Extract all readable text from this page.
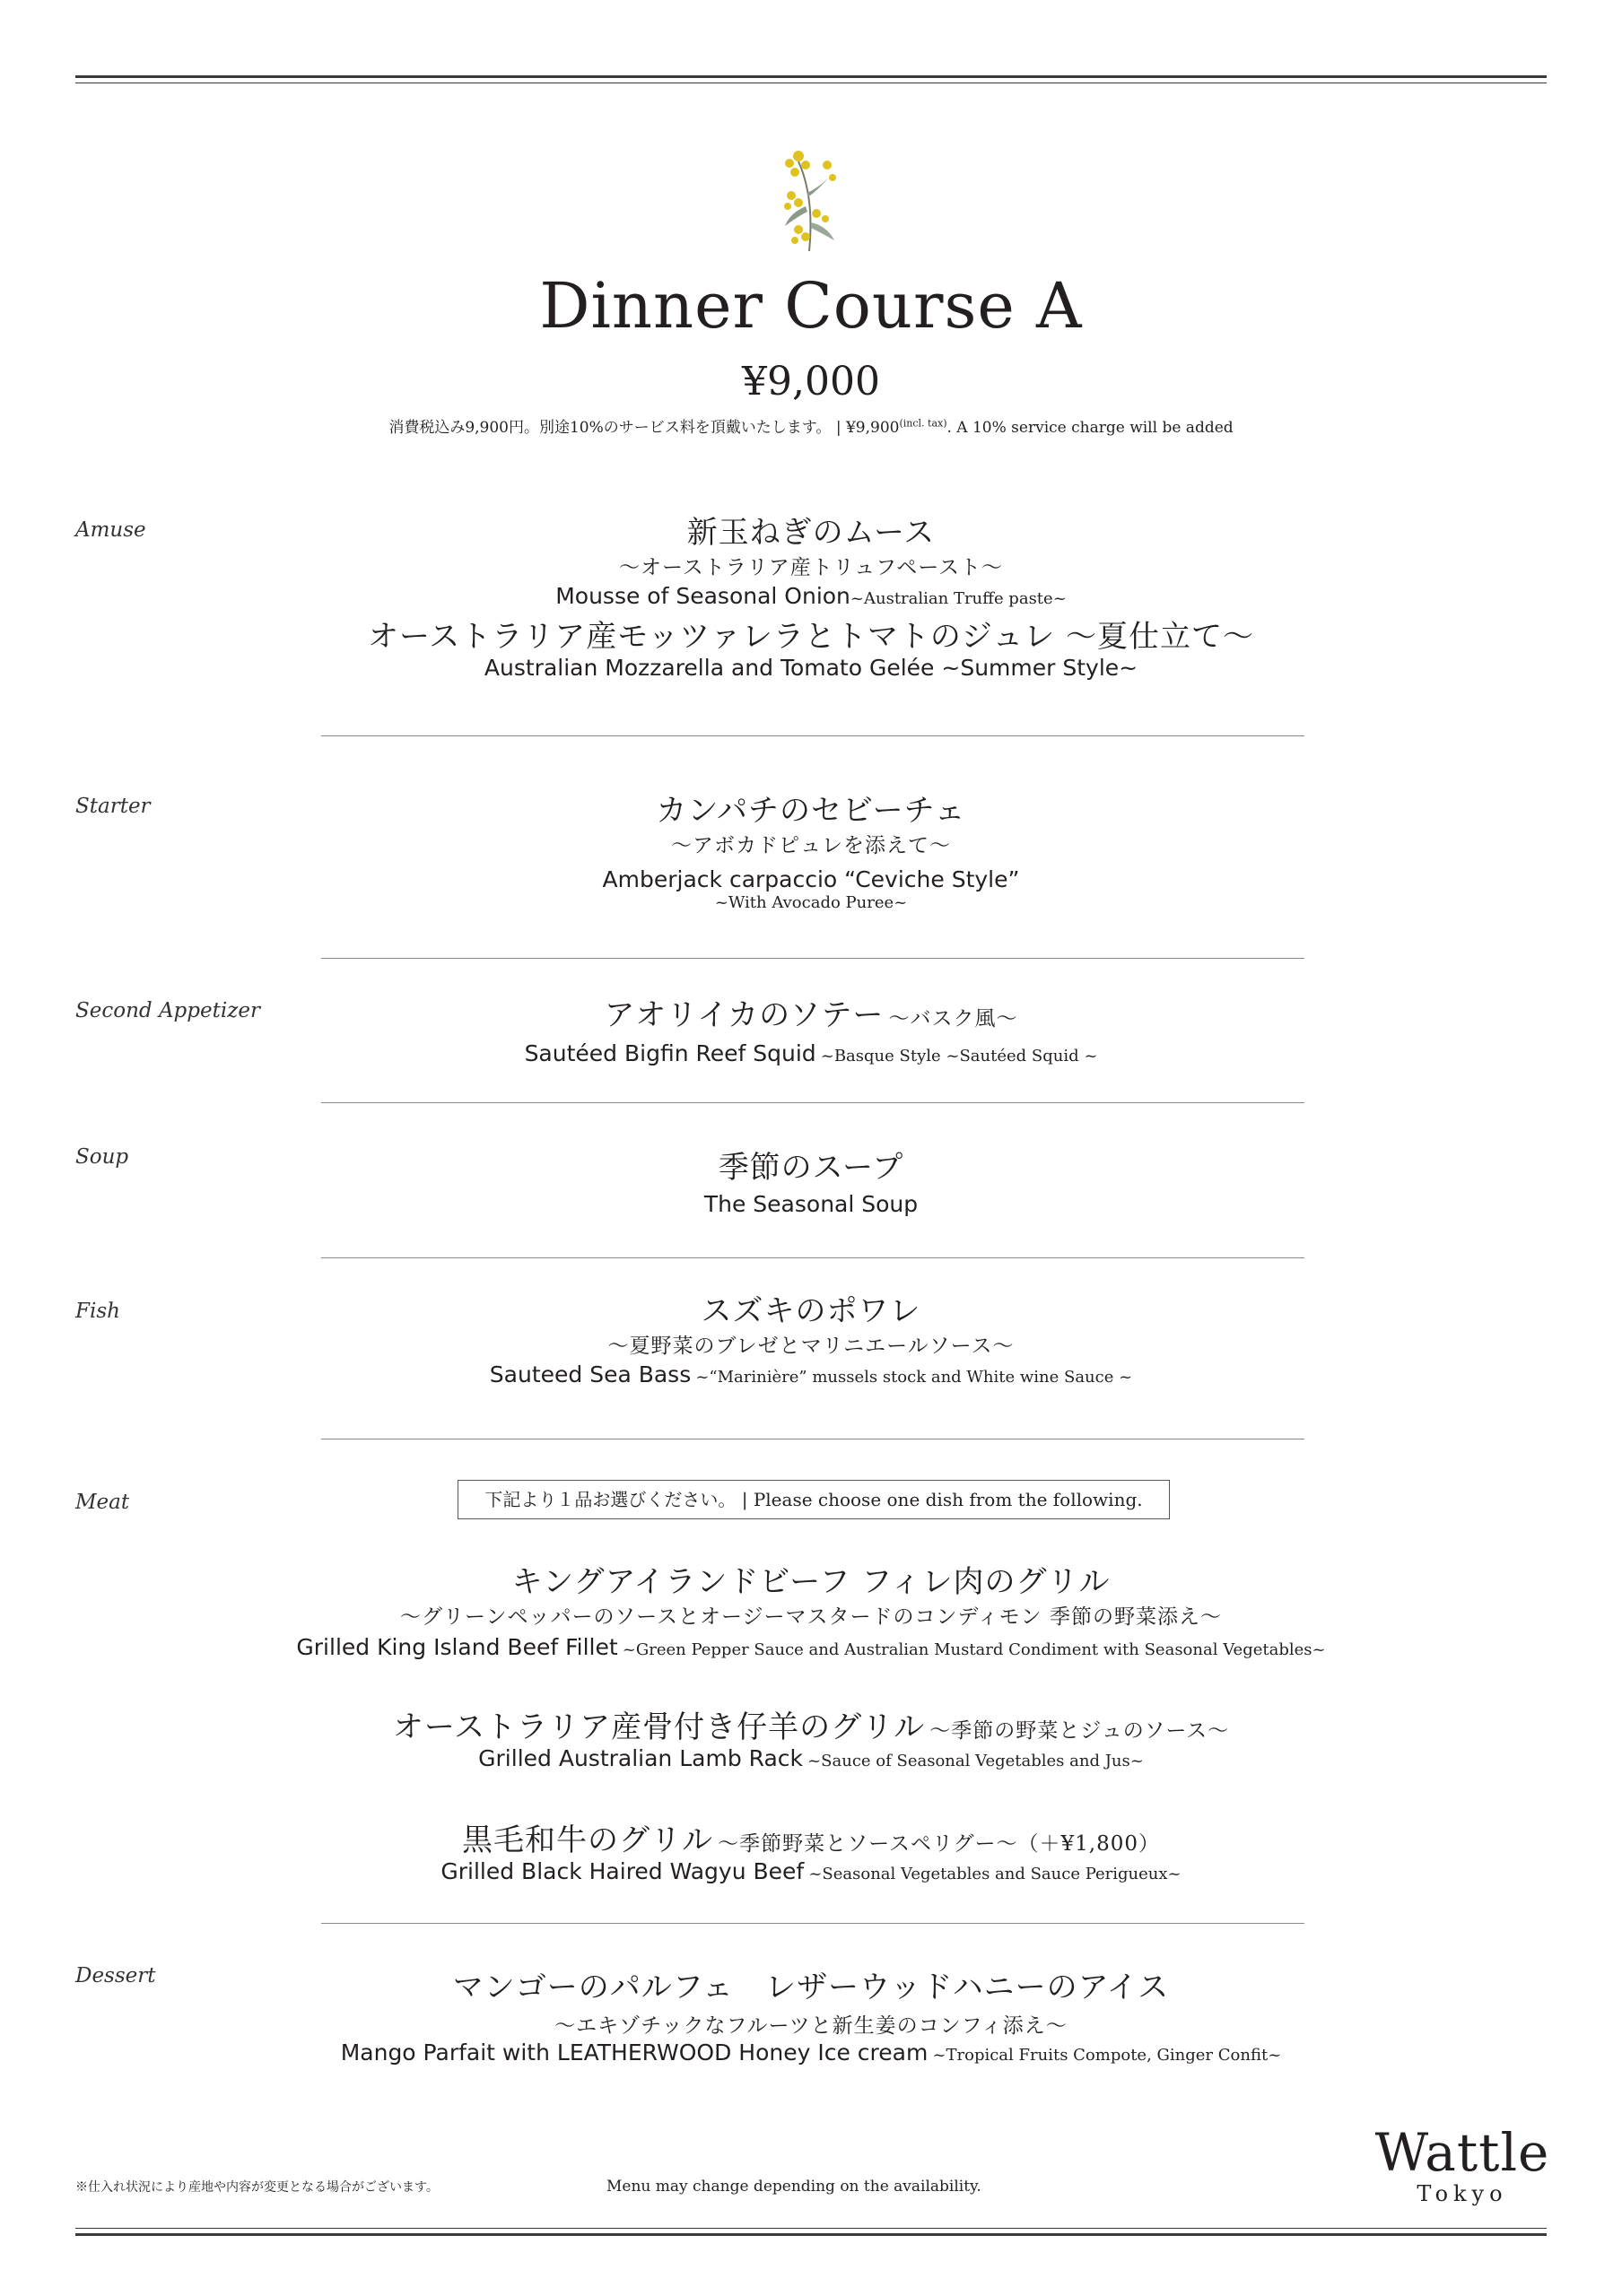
Dinner Course A
¥9,000
消費税込み9,900円。別途10%のサービス料を頂戴いたします。 | $¥9,900^{(incl. tax)}$. A 10% service charge will be added
Amuse	新玉ねぎのムース
～オーストラリア産トリュフペースト～
Mousse of Seasonal Onion~Australian Truffe paste~
オーストラリア産モッツァレラとトマトのジュレ ～夏仕立て～
Australian Mozzarella and Tomato Gelée ~Summer Style~
Starter	カンパチのセビーチェ
～アボカドピュレを添えて～
Amberjack carpaccio “Ceviche Style”
~With Avocado Puree~
Second Appetizer	アオリイカのソテー ～バスク風～
Sautéed Bigfin Reef Squid ~Basque Style ~Sautéed Squid ~
Soup	季節のスープ
The Seasonal Soup
Fish	スズキのポワレ
～夏野菜のブレゼとマリニエールソース～
Sauteed Sea Bass ~“Marinière” mussels stock and White wine Sauce ~
Meat	下記より１品お選びください。 | Please choose one dish from the following.
キングアイランドビーフ フィレ肉のグリル
～グリーンペッパーのソースとオージーマスタードのコンディモン 季節の野菜添え～
Grilled King Island Beef Fillet ~Green Pepper Sauce and Australian Mustard Condiment with Seasonal Vegetables~
オーストラリア産骨付き仔羊のグリル ～季節の野菜とジュのソース～
Grilled Australian Lamb Rack ~Sauce of Seasonal Vegetables and Jus~
黒毛和牛のグリル ～季節野菜とソースペリグー～（＋¥1,800）
Grilled Black Haired Wagyu Beef ~Seasonal Vegetables and Sauce Perigueux~
Dessert	マンゴーのパルフェ　レザーウッドハニーのアイス
～エキゾチックなフルーツと新生姜のコンフィ添え～
Mango Parfait with LEATHERWOOD Honey Ice cream ~Tropical Fruits Compote, Ginger Confit~
※仕入れ状況により産地や内容が変更となる場合がございます。	Menu may change depending on the availability.
Wattle
Tokyo
